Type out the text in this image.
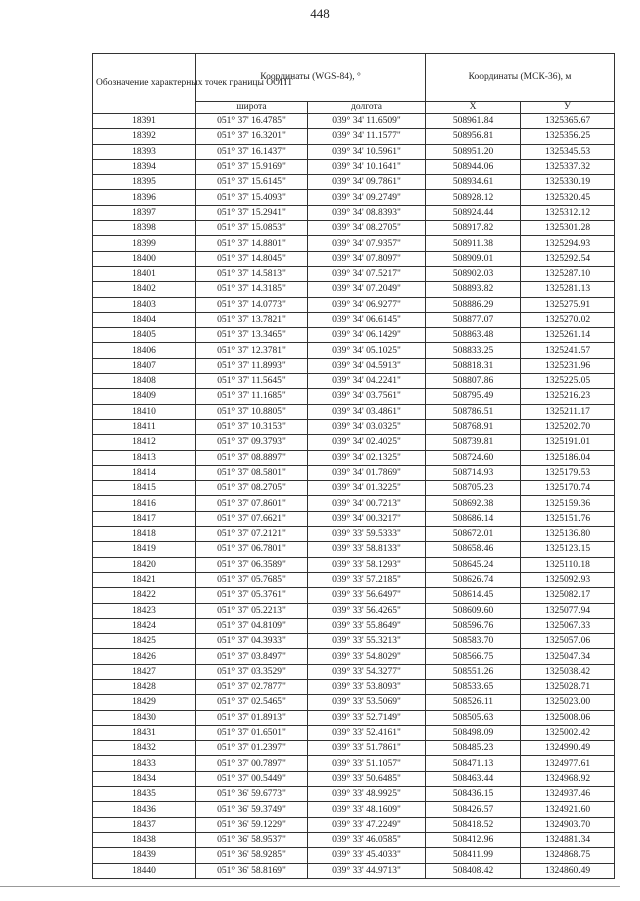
448
Обозначение характерных точек границы ООПТ	Координаты (WGS-84), °		Координаты (МСК-36), м	
	широта	долгота	X	У
18391	051° 37' 16.4785"	039° 34' 11.6509"	508961.84	1325365.67
18392	051° 37' 16.3201"	039° 34' 11.1577"	508956.81	1325356.25
18393	051° 37' 16.1437"	039° 34' 10.5961"	508951.20	1325345.53
18394	051° 37' 15.9169"	039° 34' 10.1641"	508944.06	1325337.32
18395	051° 37' 15.6145"	039° 34' 09.7861"	508934.61	1325330.19
18396	051° 37' 15.4093"	039° 34' 09.2749"	508928.12	1325320.45
18397	051° 37' 15.2941"	039° 34' 08.8393"	508924.44	1325312.12
18398	051° 37' 15.0853"	039° 34' 08.2705"	508917.82	1325301.28
18399	051° 37' 14.8801"	039° 34' 07.9357"	508911.38	1325294.93
18400	051° 37' 14.8045"	039° 34' 07.8097"	508909.01	1325292.54
18401	051° 37' 14.5813"	039° 34' 07.5217"	508902.03	1325287.10
18402	051° 37' 14.3185"	039° 34' 07.2049"	508893.82	1325281.13
18403	051° 37' 14.0773"	039° 34' 06.9277"	508886.29	1325275.91
18404	051° 37' 13.7821"	039° 34' 06.6145"	508877.07	1325270.02
18405	051° 37' 13.3465"	039° 34' 06.1429"	508863.48	1325261.14
18406	051° 37' 12.3781"	039° 34' 05.1025"	508833.25	1325241.57
18407	051° 37' 11.8993"	039° 34' 04.5913"	508818.31	1325231.96
18408	051° 37' 11.5645"	039° 34' 04.2241"	508807.86	1325225.05
18409	051° 37' 11.1685"	039° 34' 03.7561"	508795.49	1325216.23
18410	051° 37' 10.8805"	039° 34' 03.4861"	508786.51	1325211.17
18411	051° 37' 10.3153"	039° 34' 03.0325"	508768.91	1325202.70
18412	051° 37' 09.3793"	039° 34' 02.4025"	508739.81	1325191.01
18413	051° 37' 08.8897"	039° 34' 02.1325"	508724.60	1325186.04
18414	051° 37' 08.5801"	039° 34' 01.7869"	508714.93	1325179.53
18415	051° 37' 08.2705"	039° 34' 01.3225"	508705.23	1325170.74
18416	051° 37' 07.8601"	039° 34' 00.7213"	508692.38	1325159.36
18417	051° 37' 07.6621"	039° 34' 00.3217"	508686.14	1325151.76
18418	051° 37' 07.2121"	039° 33' 59.5333"	508672.01	1325136.80
18419	051° 37' 06.7801"	039° 33' 58.8133"	508658.46	1325123.15
18420	051° 37' 06.3589"	039° 33' 58.1293"	508645.24	1325110.18
18421	051° 37' 05.7685"	039° 33' 57.2185"	508626.74	1325092.93
18422	051° 37' 05.3761"	039° 33' 56.6497"	508614.45	1325082.17
18423	051° 37' 05.2213"	039° 33' 56.4265"	508609.60	1325077.94
18424	051° 37' 04.8109"	039° 33' 55.8649"	508596.76	1325067.33
18425	051° 37' 04.3933"	039° 33' 55.3213"	508583.70	1325057.06
18426	051° 37' 03.8497"	039° 33' 54.8029"	508566.75	1325047.34
18427	051° 37' 03.3529"	039° 33' 54.3277"	508551.26	1325038.42
18428	051° 37' 02.7877"	039° 33' 53.8093"	508533.65	1325028.71
18429	051° 37' 02.5465"	039° 33' 53.5069"	508526.11	1325023.00
18430	051° 37' 01.8913"	039° 33' 52.7149"	508505.63	1325008.06
18431	051° 37' 01.6501"	039° 33' 52.4161"	508498.09	1325002.42
18432	051° 37' 01.2397"	039° 33' 51.7861"	508485.23	1324990.49
18433	051° 37' 00.7897"	039° 33' 51.1057"	508471.13	1324977.61
18434	051° 37' 00.5449"	039° 33' 50.6485"	508463.44	1324968.92
18435	051° 36' 59.6773"	039° 33' 48.9925"	508436.15	1324937.46
18436	051° 36' 59.3749"	039° 33' 48.1609"	508426.57	1324921.60
18437	051° 36' 59.1229"	039° 33' 47.2249"	508418.52	1324903.70
18438	051° 36' 58.9537"	039° 33' 46.0585"	508412.96	1324881.34
18439	051° 36' 58.9285"	039° 33' 45.4033"	508411.99	1324868.75
18440	051° 36' 58.8169"	039° 33' 44.9713"	508408.42	1324860.49
